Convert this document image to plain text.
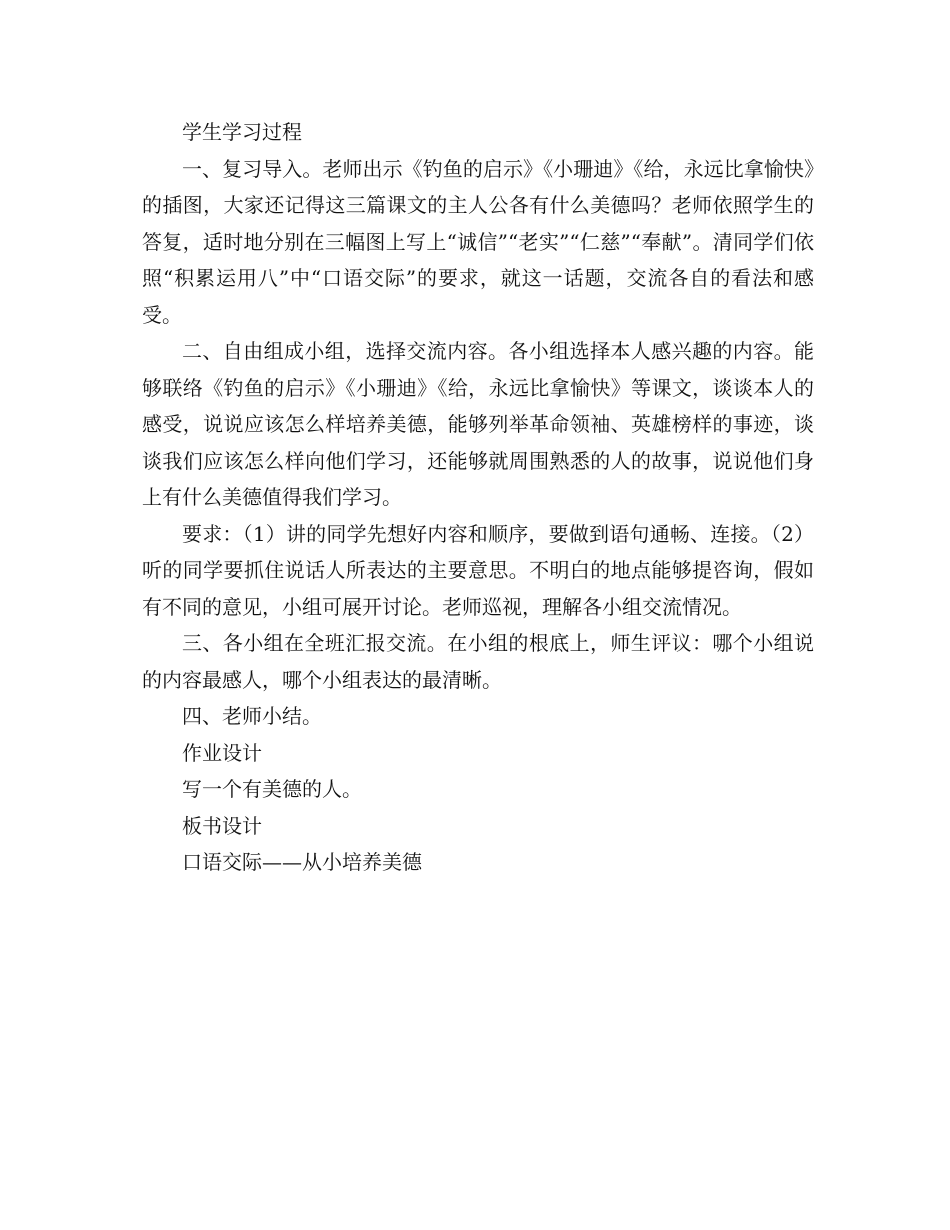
学生学习过程

一、复习导入。老师出示《钓鱼的启示》《小珊迪》《给，永远比拿愉快》的插图，大家还记得这三篇课文的主人公各有什么美德吗？老师依照学生的答复，适时地分别在三幅图上写上“诚信”“老实”“仁慈”“奉献”。清同学们依照“积累运用八”中“口语交际”的要求，就这一话题，交流各自的看法和感受。

二、自由组成小组，选择交流内容。各小组选择本人感兴趣的内容。能够联络《钓鱼的启示》《小珊迪》《给，永远比拿愉快》等课文，谈谈本人的感受，说说应该怎么样培养美德，能够列举革命领袖、英雄榜样的事迹，谈谈我们应该怎么样向他们学习，还能够就周围熟悉的人的故事，说说他们身上有什么美德值得我们学习。

要求：（1）讲的同学先想好内容和顺序，要做到语句通畅、连接。（2）听的同学要抓住说话人所表达的主要意思。不明白的地点能够提咨询，假如有不同的意见，小组可展开讨论。老师巡视，理解各小组交流情况。

三、各小组在全班汇报交流。在小组的根底上，师生评议：哪个小组说的内容最感人，哪个小组表达的最清晰。

四、老师小结。

作业设计

写一个有美德的人。

板书设计

口语交际——从小培养美德
